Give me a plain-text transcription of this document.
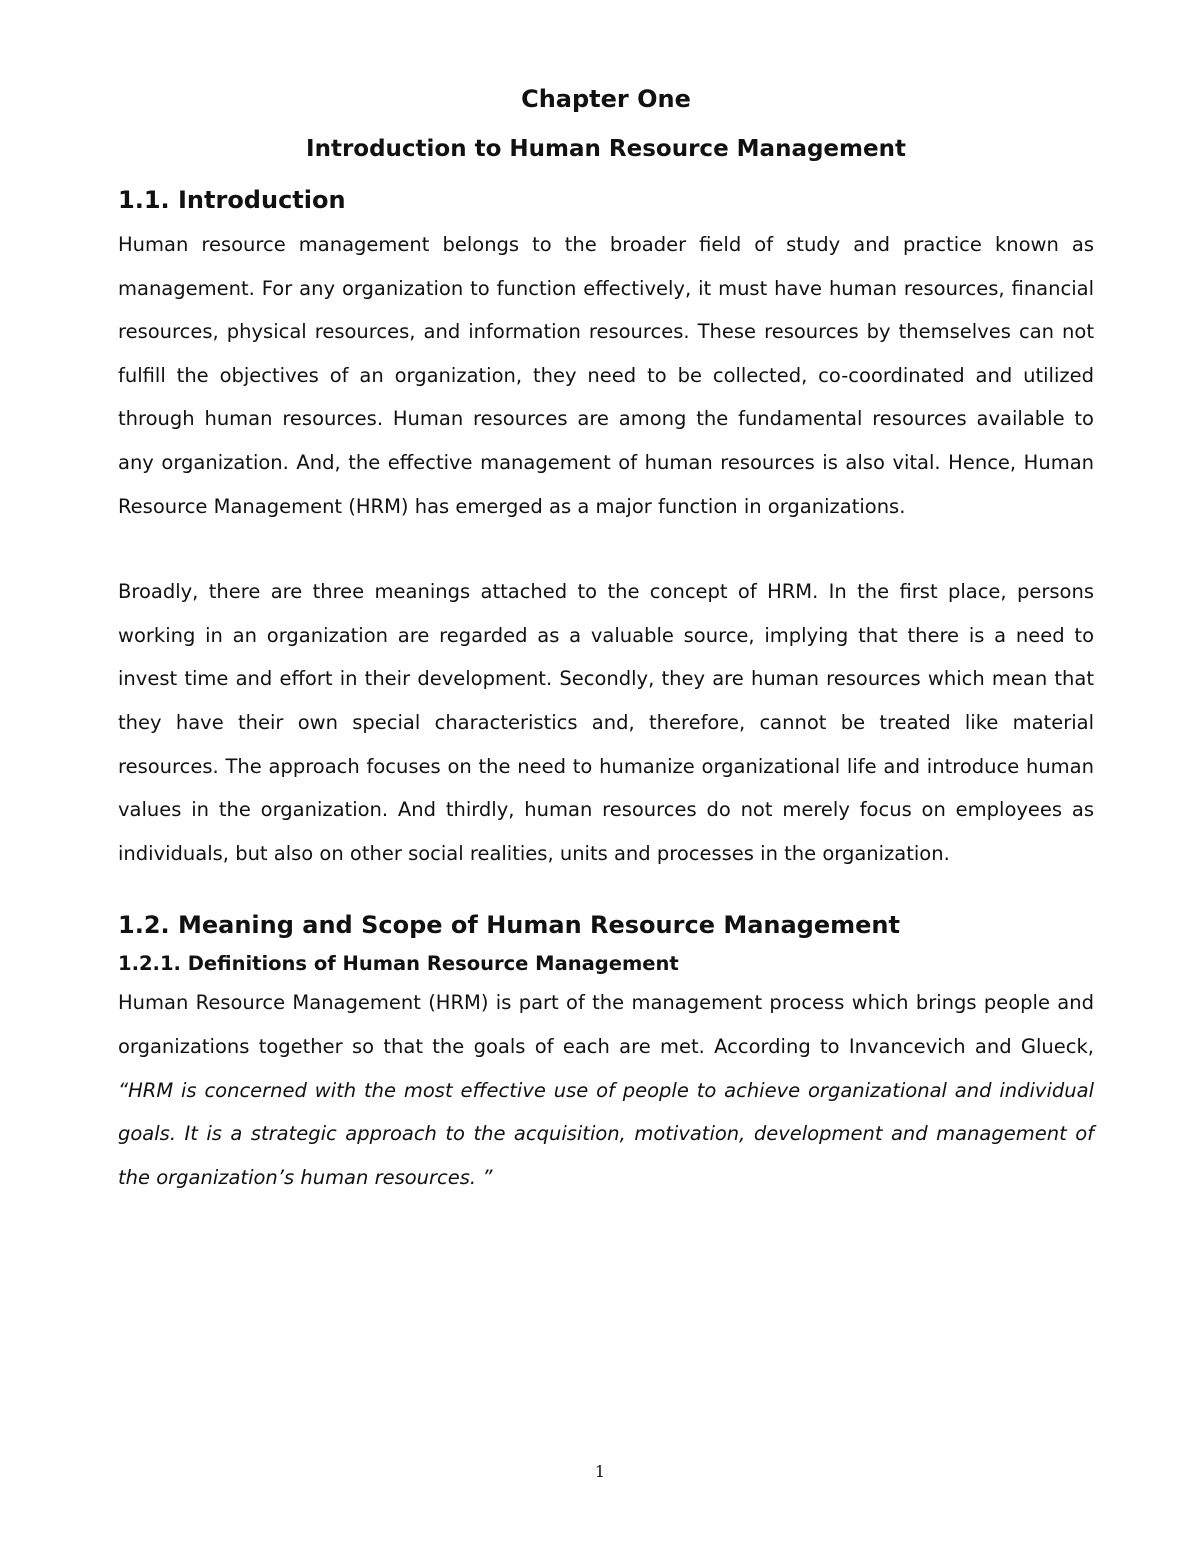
Chapter One
Introduction to Human Resource Management
1.1. Introduction

Human resource management belongs to the broader field of study and practice known as management. For any organization to function effectively, it must have human resources, financial resources, physical resources, and information resources. These resources by themselves can not fulfill the objectives of an organization, they need to be collected, co-coordinated and utilized through human resources. Human resources are among the fundamental resources available to any organization. And, the effective management of human resources is also vital. Hence, Human Resource Management (HRM) has emerged as a major function in organizations.

Broadly, there are three meanings attached to the concept of HRM. In the first place, persons working in an organization are regarded as a valuable source, implying that there is a need to invest time and effort in their development. Secondly, they are human resources which mean that they have their own special characteristics and, therefore, cannot be treated like material resources. The approach focuses on the need to humanize organizational life and introduce human values in the organization. And thirdly, human resources do not merely focus on employees as individuals, but also on other social realities, units and processes in the organization.

1.2. Meaning and Scope of Human Resource Management
1.2.1. Definitions of Human Resource Management

Human Resource Management (HRM) is part of the management process which brings people and organizations together so that the goals of each are met. According to Invancevich and Glueck, “HRM is concerned with the most effective use of people to achieve organizational and individual goals. It is a strategic approach to the acquisition, motivation, development and management of the organization’s human resources. ”

1
